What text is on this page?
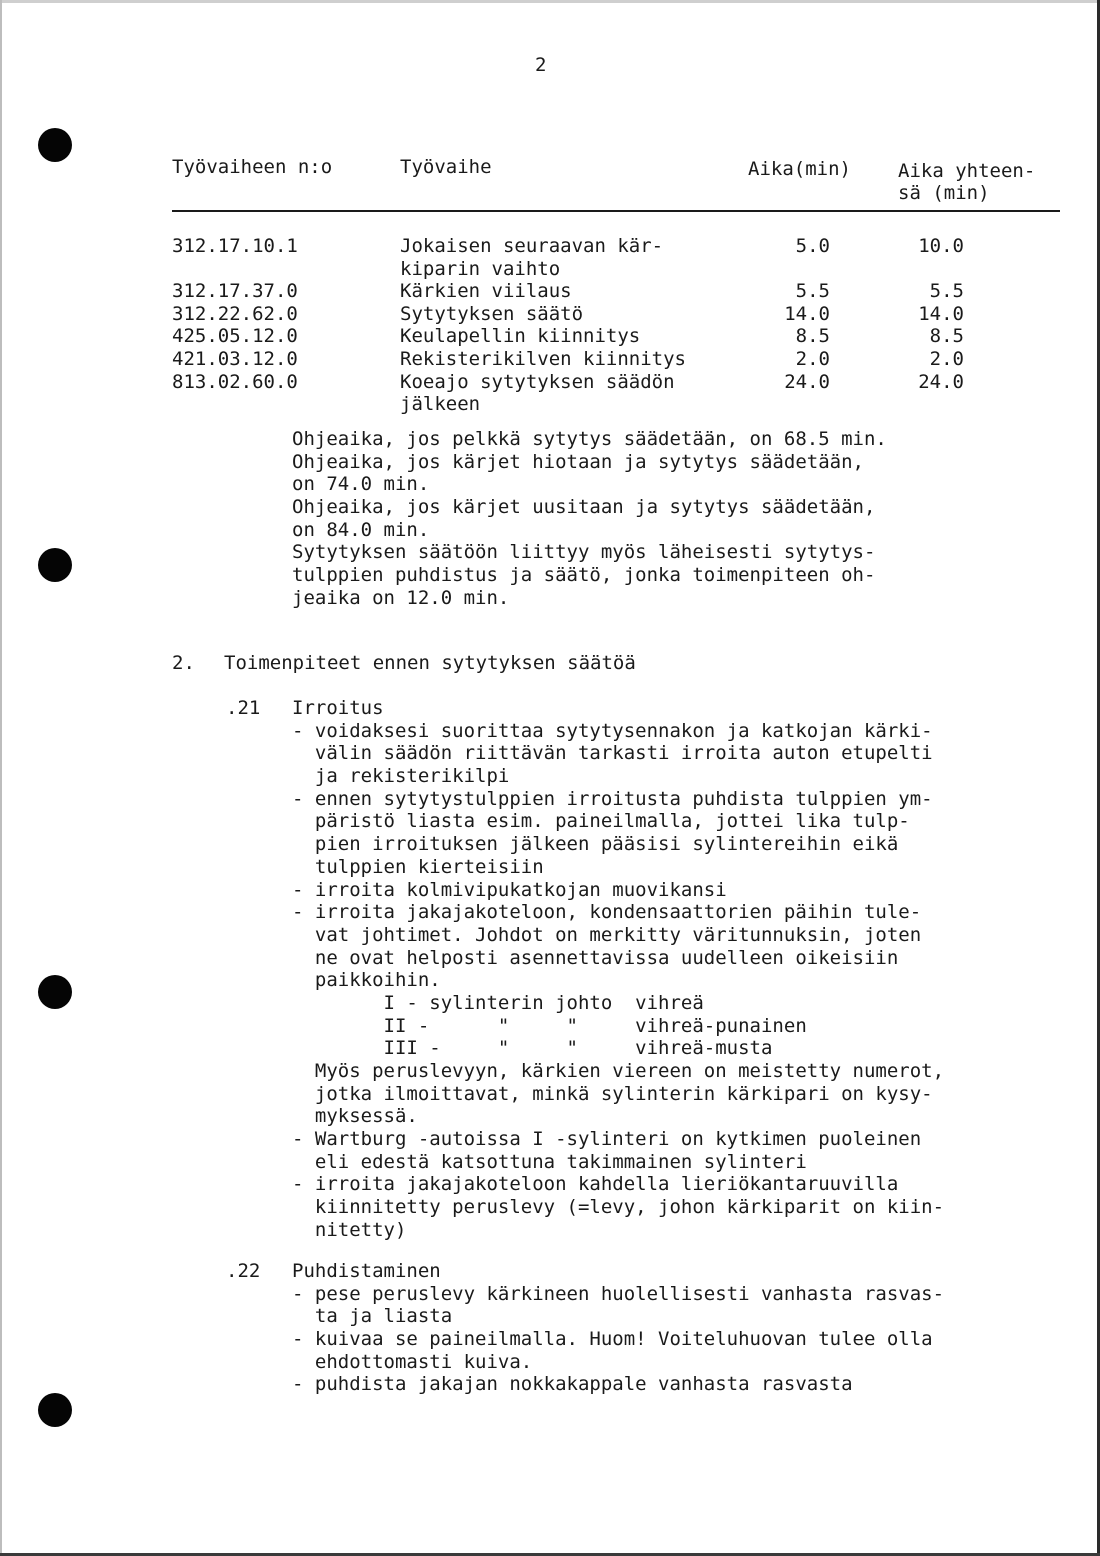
2
Työvaiheen n:o	Työvaihe	Aika(min) Aika yhteen-
sä (min)
312.17.10.1
312.17.37.0
312.22.62.0
425.05.12.0
421.03.12.0
813.02.60.0
Jokaisen seuraavan kär-
kiparin vaihto
Kärkien viilaus
Sytytyksen säätö
Keulapellin kiinnitys
Rekisterikilven kiinnitys
Koeajo sytytyksen säädön
jälkeen
5.0
5.5
14.0
8.5
2.0
24.0
10.0
5.5
14.0
8.5
2.0
24.0
Ohjeaika, jos pelkkä sytytys säädetään, on 68.5 min.
Ohjeaika, jos kärjet hiotaan ja sytytys säädetään,
on 74.0 min.
Ohjeaika, jos kärjet uusitaan ja sytytys säädetään,
on 84.0 min.
Sytytyksen säätöön liittyy myös läheisesti sytytys-
tulppien puhdistus ja säätö, jonka toimenpiteen oh-
jeaika on 12.0 min.
2. Toimenpiteet ennen sytytyksen säätöä
.21 Irroitus
- voidaksesi suorittaa sytytysennakon ja katkojan kärki-
välin säädön riittävän tarkasti irroita auton etupelti
ja rekisterikilpi
- ennen sytytystulppien irroitusta puhdista tulppien ym-
päristö liasta esim. paineilmalla, jottei lika tulp-
pien irroituksen jälkeen pääsisi sylintereihin eikä
tulppien kierteisiin
- irroita kolmivipukatkojan muovikansi
- irroita jakajakoteloon, kondensaattorien päihin tule-
vat johtimet. Johdot on merkitty väritunnuksin, joten
ne ovat helposti asennettavissa uudelleen oikeisiin
paikkoihin.
I - sylinterin johto  vihreä
II -      "     "     vihreä-punainen
III -     "     "     vihreä-musta
Myös peruslevyyn, kärkien viereen on meistetty numerot,
jotka ilmoittavat, minkä sylinterin kärkipari on kysy-
myksessä.
- Wartburg -autoissa I -sylinteri on kytkimen puoleinen
eli edestä katsottuna takimmainen sylinteri
- irroita jakajakoteloon kahdella lieriökantaruuvilla
kiinnitetty peruslevy (=levy, johon kärkiparit on kiin-
nitetty)
.22 Puhdistaminen
- pese peruslevy kärkineen huolellisesti vanhasta rasvas-
ta ja liasta
- kuivaa se paineilmalla. Huom! Voiteluhuovan tulee olla
ehdottomasti kuiva.
- puhdista jakajan nokkakappale vanhasta rasvasta
